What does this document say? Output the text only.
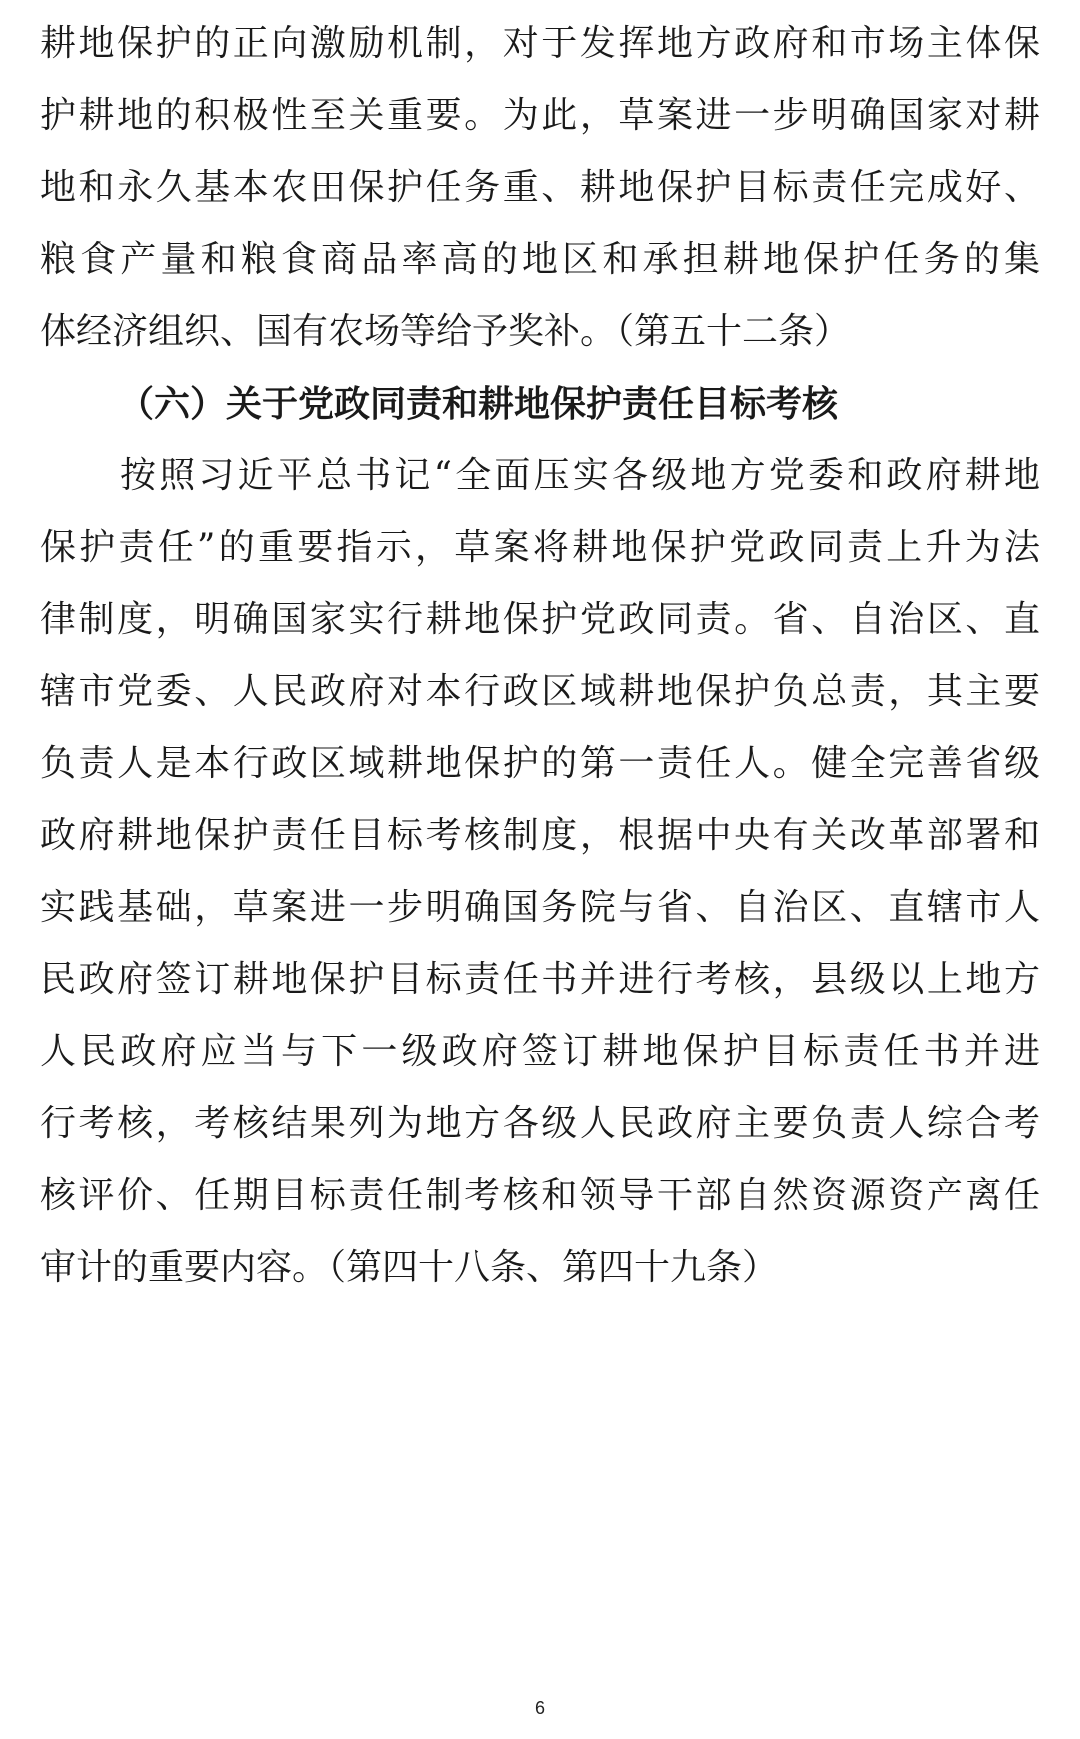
耕地保护的正向激励机制，对于发挥地方政府和市场主体保
护耕地的积极性至关重要。为此，草案进一步明确国家对耕
地和永久基本农田保护任务重、耕地保护目标责任完成好、
粮食产量和粮食商品率高的地区和承担耕地保护任务的集
体经济组织、国有农场等给予奖补。（第五十二条）
（六）关于党政同责和耕地保护责任目标考核
按照习近平总书记“全面压实各级地方党委和政府耕地
保护责任”的重要指示，草案将耕地保护党政同责上升为法
律制度，明确国家实行耕地保护党政同责。省、自治区、直
辖市党委、人民政府对本行政区域耕地保护负总责，其主要
负责人是本行政区域耕地保护的第一责任人。健全完善省级
政府耕地保护责任目标考核制度，根据中央有关改革部署和
实践基础，草案进一步明确国务院与省、自治区、直辖市人
民政府签订耕地保护目标责任书并进行考核，县级以上地方
人民政府应当与下一级政府签订耕地保护目标责任书并进
行考核，考核结果列为地方各级人民政府主要负责人综合考
核评价、任期目标责任制考核和领导干部自然资源资产离任
审计的重要内容。（第四十八条、第四十九条）
6
